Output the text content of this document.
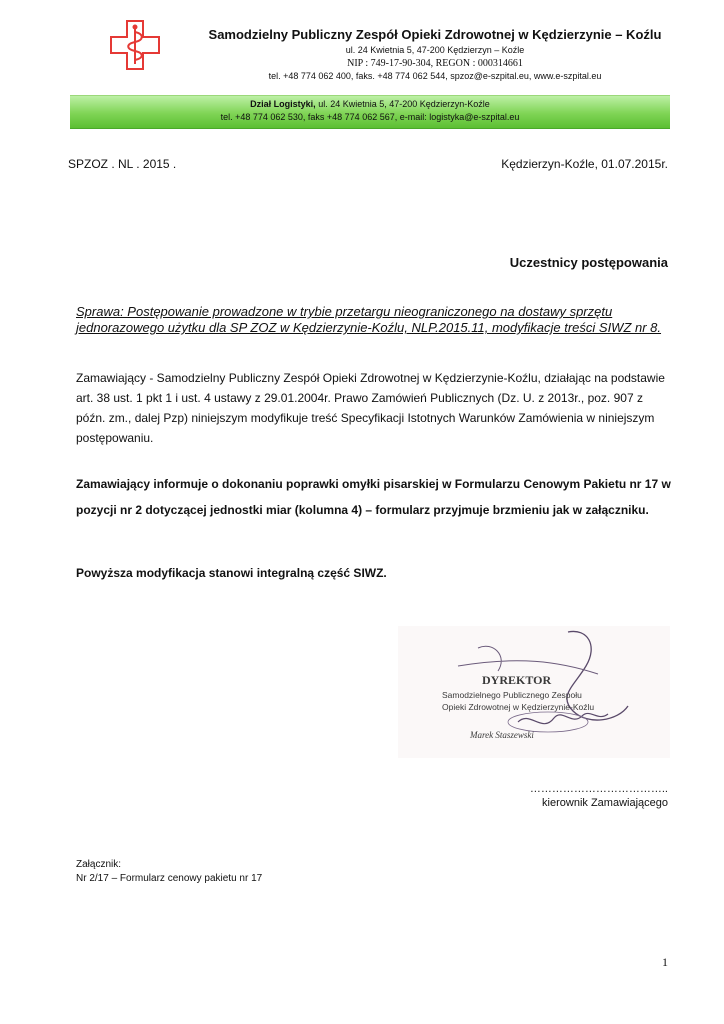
Samodzielny Publiczny Zespół Opieki Zdrowotnej w Kędzierzynie – Koźlu
ul. 24 Kwietnia 5, 47-200 Kędzierzyn – Koźle
NIP : 749-17-90-304, REGON : 000314661
tel. +48 774 062 400, faks. +48 774 062 544, spzoz@e-szpital.eu, www.e-szpital.eu
Dział Logistyki, ul. 24 Kwietnia 5, 47-200 Kędzierzyn-Koźle
tel. +48 774 062 530, faks +48 774 062 567, e-mail: logistyka@e-szpital.eu
SPZOZ . NL . 2015 .	Kędzierzyn-Koźle, 01.07.2015r.
Uczestnicy postępowania
Sprawa: Postępowanie prowadzone w trybie przetargu nieograniczonego na dostawy sprzętu jednorazowego użytku dla SP ZOZ w Kędzierzynie-Koźlu, NLP.2015.11, modyfikacje treści SIWZ nr 8.
Zamawiający - Samodzielny Publiczny Zespół Opieki Zdrowotnej w Kędzierzynie-Koźlu, działając na podstawie art. 38 ust. 1 pkt 1 i ust. 4 ustawy z 29.01.2004r. Prawo Zamówień Publicznych (Dz. U. z 2013r., poz. 907 z późn. zm., dalej Pzp) niniejszym modyfikuje treść Specyfikacji Istotnych Warunków Zamówienia w niniejszym postępowaniu.
Zamawiający informuje o dokonaniu poprawki omyłki pisarskiej w Formularzu Cenowym Pakietu nr 17 w pozycji nr 2 dotyczącej jednostki miar (kolumna 4) – formularz przyjmuje brzmieniu jak w załączniku.
Powyższa modyfikacja stanowi integralną część SIWZ.
DYREKTOR
Samodzielnego Publicznego Zespołu
Opieki Zdrowotnej w Kędzierzynie-Koźlu
Marek Staszewski
………………………………..
kierownik Zamawiającego
Załącznik:
Nr 2/17 – Formularz cenowy pakietu nr 17
1
